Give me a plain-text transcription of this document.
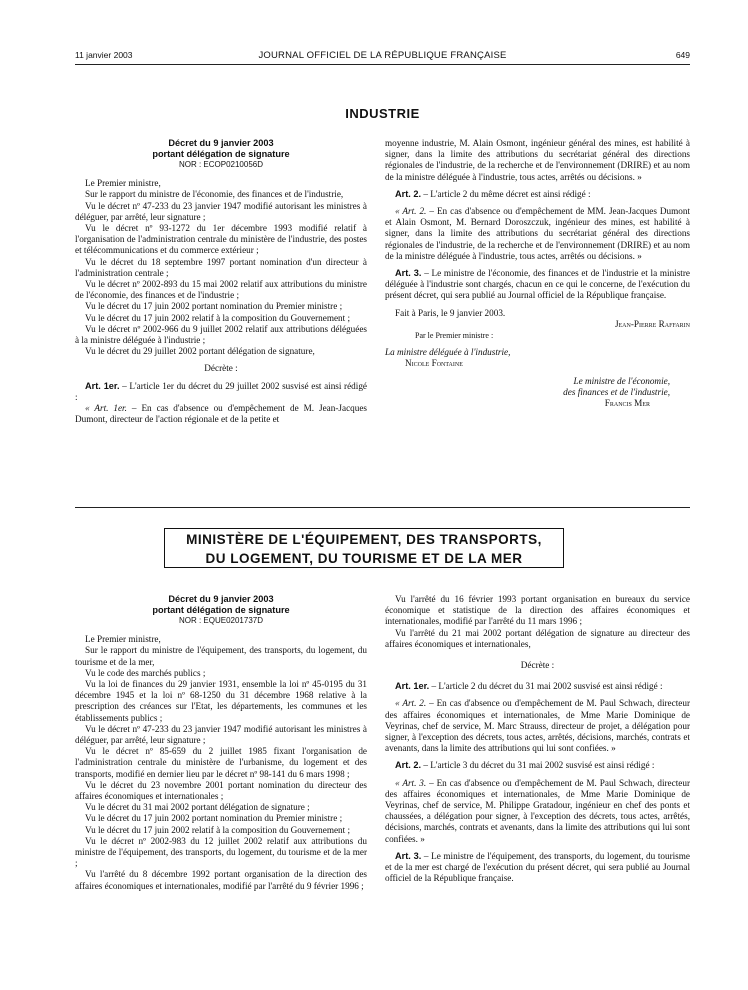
11 janvier 2003	JOURNAL OFFICIEL DE LA RÉPUBLIQUE FRANÇAISE	649
INDUSTRIE

Décret du 9 janvier 2003

portant délégation de signature

NOR : ECOP0210056D

Le Premier ministre,

Sur le rapport du ministre de l'économie, des finances et de l'industrie,

Vu le décret nº 47-233 du 23 janvier 1947 modifié autorisant les ministres à déléguer, par arrêté, leur signature ;

Vu le décret nº 93-1272 du 1er décembre 1993 modifié relatif à l'organisation de l'administration centrale du ministère de l'industrie, des postes et télécommunications et du commerce extérieur ;

Vu le décret du 18 septembre 1997 portant nomination d'un directeur à l'administration centrale ;

Vu le décret nº 2002-893 du 15 mai 2002 relatif aux attributions du ministre de l'économie, des finances et de l'industrie ;

Vu le décret du 17 juin 2002 portant nomination du Premier ministre ;

Vu le décret du 17 juin 2002 relatif à la composition du Gouvernement ;

Vu le décret nº 2002-966 du 9 juillet 2002 relatif aux attributions déléguées à la ministre déléguée à l'industrie ;

Vu le décret du 29 juillet 2002 portant délégation de signature,

Décrète :

Art. 1er. – L'article 1er du décret du 29 juillet 2002 susvisé est ainsi rédigé :

« Art. 1er. – En cas d'absence ou d'empêchement de M. Jean-Jacques Dumont, directeur de l'action régionale et de la petite et

moyenne industrie, M. Alain Osmont, ingénieur général des mines, est habilité à signer, dans la limite des attributions du secrétariat général des directions régionales de l'industrie, de la recherche et de l'environnement (DRIRE) et au nom de la ministre déléguée à l'industrie, tous actes, arrêtés ou décisions. »

Art. 2. – L'article 2 du même décret est ainsi rédigé :

« Art. 2. – En cas d'absence ou d'empêchement de MM. Jean-Jacques Dumont et Alain Osmont, M. Bernard Doroszczuk, ingénieur des mines, est habilité à signer, dans la limite des attributions du secrétariat général des directions régionales de l'industrie, de la recherche et de l'environnement (DRIRE) et au nom de la ministre déléguée à l'industrie, tous actes, arrêtés ou décisions. »

Art. 3. – Le ministre de l'économie, des finances et de l'industrie et la ministre déléguée à l'industrie sont chargés, chacun en ce qui le concerne, de l'exécution du présent décret, qui sera publié au Journal officiel de la République française.

Fait à Paris, le 9 janvier 2003.

Jean-Pierre Raffarin

Par le Premier ministre :

La ministre déléguée à l'industrie,

Nicole Fontaine

Le ministre de l'économie,

des finances et de l'industrie,

Francis Mer

MINISTÈRE DE L'ÉQUIPEMENT, DES TRANSPORTS,
DU LOGEMENT, DU TOURISME ET DE LA MER

Décret du 9 janvier 2003

portant délégation de signature

NOR : EQUE0201737D

Le Premier ministre,

Sur le rapport du ministre de l'équipement, des transports, du logement, du tourisme et de la mer,

Vu le code des marchés publics ;

Vu la loi de finances du 29 janvier 1931, ensemble la loi nº 45-0195 du 31 décembre 1945 et la loi nº 68-1250 du 31 décembre 1968 relative à la prescription des créances sur l'Etat, les départements, les communes et les établissements publics ;

Vu le décret nº 47-233 du 23 janvier 1947 modifié autorisant les ministres à déléguer, par arrêté, leur signature ;

Vu le décret nº 85-659 du 2 juillet 1985 fixant l'organisation de l'administration centrale du ministère de l'urbanisme, du logement et des transports, modifié en dernier lieu par le décret nº 98-141 du 6 mars 1998 ;

Vu le décret du 23 novembre 2001 portant nomination du directeur des affaires économiques et internationales ;

Vu le décret du 31 mai 2002 portant délégation de signature ;

Vu le décret du 17 juin 2002 portant nomination du Premier ministre ;

Vu le décret du 17 juin 2002 relatif à la composition du Gouvernement ;

Vu le décret nº 2002-983 du 12 juillet 2002 relatif aux attributions du ministre de l'équipement, des transports, du logement, du tourisme et de la mer ;

Vu l'arrêté du 8 décembre 1992 portant organisation de la direction des affaires économiques et internationales, modifié par l'arrêté du 9 février 1996 ;

Vu l'arrêté du 16 février 1993 portant organisation en bureaux du service économique et statistique de la direction des affaires économiques et internationales, modifié par l'arrêté du 11 mars 1996 ;

Vu l'arrêté du 21 mai 2002 portant délégation de signature au directeur des affaires économiques et internationales,

Décrète :

Art. 1er. – L'article 2 du décret du 31 mai 2002 susvisé est ainsi rédigé :

« Art. 2. – En cas d'absence ou d'empêchement de M. Paul Schwach, directeur des affaires économiques et internationales, de Mme Marie Dominique de Veyrinas, chef de service, M. Marc Strauss, directeur de projet, a délégation pour signer, à l'exception des décrets, tous actes, arrêtés, décisions, marchés, contrats et avenants, dans la limite des attributions qui lui sont confiées. »

Art. 2. – L'article 3 du décret du 31 mai 2002 susvisé est ainsi rédigé :

« Art. 3. – En cas d'absence ou d'empêchement de M. Paul Schwach, directeur des affaires économiques et internationales, de Mme Marie Dominique de Veyrinas, chef de service, M. Philippe Gratadour, ingénieur en chef des ponts et chaussées, a délégation pour signer, à l'exception des décrets, tous actes, arrêtés, décisions, marchés, contrats et avenants, dans la limite des attributions qui lui sont confiées. »

Art. 3. – Le ministre de l'équipement, des transports, du logement, du tourisme et de la mer est chargé de l'exécution du présent décret, qui sera publié au Journal officiel de la République française.
